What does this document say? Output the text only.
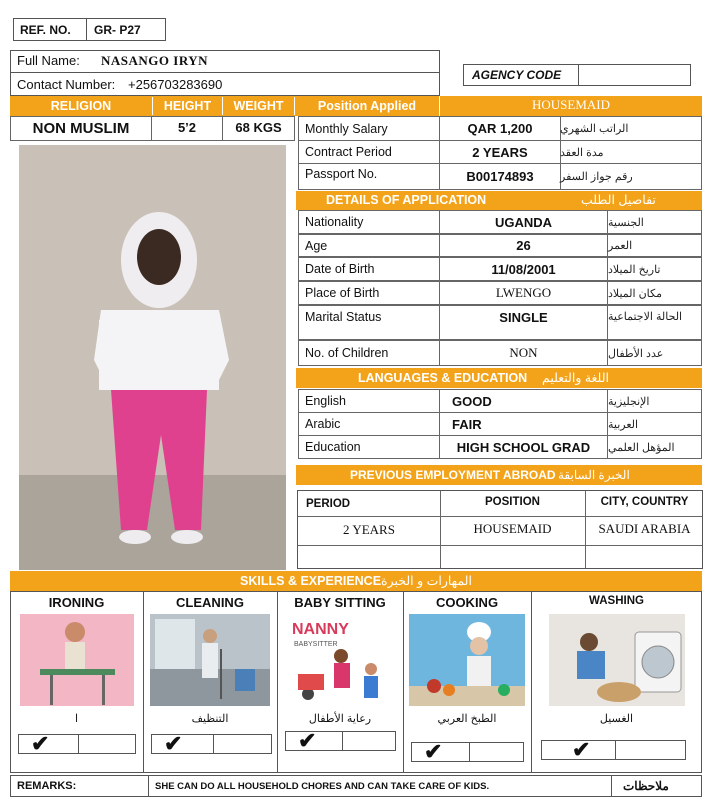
REF. NO. GR- P27
Full Name: NASANGO IRYN
Contact Number: +256703283690
AGENCY CODE
RELIGION	HEIGHT	WEIGHT	Position Applied	HOUSEMAID
NON MUSLIM	5’2	68 KGS	Monthly Salary	QAR 1,200	الراتب الشهري
Contract Period	2 YEARS	مدة العقد
Passport No.	B00174893	رقم جواز السفر
DETAILS OF APPLICATION	تفاصيل الطلب
Nationality	UGANDA	الجنسية
Age	26	العمر
Date of Birth	11/08/2001	تاريخ الميلاد
Place of Birth	LWENGO	مكان الميلاد
Marital Status	SINGLE	الحالة الاجتماعية
No. of Children	NON	عدد الأطفال
LANGUAGES & EDUCATION اللغة والتعليم
English	GOOD	الإنجليزية
Arabic	FAIR	العربية
Education	HIGH SCHOOL GRAD	المؤهل العلمي
PREVIOUS EMPLOYMENT ABROAD الخبرة السابقة
PERIOD	POSITION	CITY, COUNTRY
2 YEARS	HOUSEMAID	SAUDI ARABIA
SKILLS & EXPERIENCEالمهارات و الخبرة
IRONING
ا
✔
CLEANING
التنظيف
✔
BABY SITTING
NANNY
BABYSITTER
رعاية الأطفال
✔
COOKING
الطبخ العربي
✔
WASHING
الغسيل
✔
REMARKS:	SHE CAN DO ALL HOUSEHOLD CHORES AND CAN TAKE CARE OF KIDS.	ملاحظات
